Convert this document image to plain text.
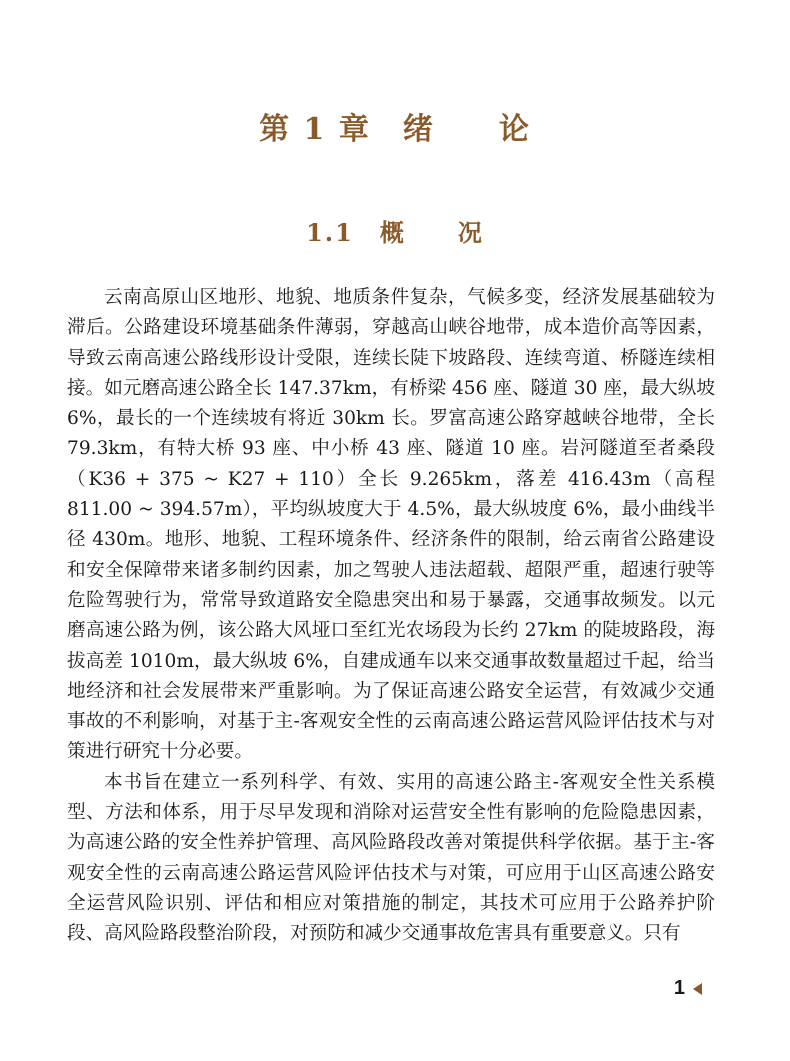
第 1 章　绪　　论
1.1　概　　况

云南高原山区地形、地貌、地质条件复杂，气候多变，经济发展基础较为滞后。公路建设环境基础条件薄弱，穿越高山峡谷地带，成本造价高等因素，导致云南高速公路线形设计受限，连续长陡下坡路段、连续弯道、桥隧连续相接。如元磨高速公路全长 147.37km，有桥梁 456 座、隧道 30 座，最大纵坡 6%，最长的一个连续坡有将近 30km 长。罗富高速公路穿越峡谷地带，全长79.3km，有特大桥 93 座、中小桥 43 座、隧道 10 座。岩河隧道至者桑段（K36 + 375 ~ K27 + 110）全长 9.265km，落差 416.43m（高程 811.00 ~ 394.57m），平均纵坡度大于 4.5%，最大纵坡度 6%，最小曲线半径 430m。地形、地貌、工程环境条件、经济条件的限制，给云南省公路建设和安全保障带来诸多制约因素，加之驾驶人违法超载、超限严重，超速行驶等危险驾驶行为，常常导致道路安全隐患突出和易于暴露，交通事故频发。以元磨高速公路为例，该公路大风垭口至红光农场段为长约 27km 的陡坡路段，海拔高差 1010m，最大纵坡 6%，自建成通车以来交通事故数量超过千起，给当地经济和社会发展带来严重影响。为了保证高速公路安全运营，有效减少交通事故的不利影响，对基于主-客观安全性的云南高速公路运营风险评估技术与对策进行研究十分必要。

本书旨在建立一系列科学、有效、实用的高速公路主-客观安全性关系模型、方法和体系，用于尽早发现和消除对运营安全性有影响的危险隐患因素，为高速公路的安全性养护管理、高风险路段改善对策提供科学依据。基于主-客观安全性的云南高速公路运营风险评估技术与对策，可应用于山区高速公路安全运营风险识别、评估和相应对策措施的制定，其技术可应用于公路养护阶段、高风险路段整治阶段，对预防和减少交通事故危害具有重要意义。只有

1
